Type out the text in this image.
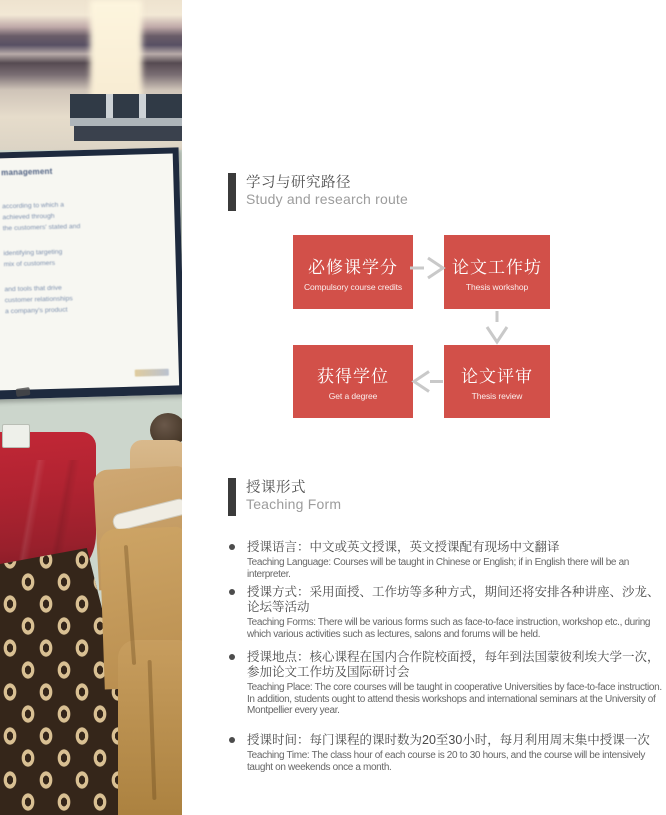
management
according to which a
achieved through
the customers' stated and
identifying targeting
mix of customers
and tools that drive
customer relationships
a company's product
学习与研究路径
Study and research route
必修课学分
Compulsory course credits
论文工作坊
Thesis workshop
获得学位
Get a degree
论文评审
Thesis review
授课形式
Teaching Form

授课语言：中文或英文授课，英文授课配有现场中文翻译

Teaching Language: Courses will be taught in Chinese or English; if in English there will be an interpreter.

授课方式：采用面授、工作坊等多种方式，期间还将安排各种讲座、沙龙、论坛等活动

Teaching Forms: There will be various forms such as face-to-face instruction, workshop etc., during which various activities such as lectures, salons and forums will be held.

授课地点：核心课程在国内合作院校面授，每年到法国蒙彼利埃大学一次，参加论文工作坊及国际研讨会

Teaching Place: The core courses will be taught in cooperative Universities by face-to-face instruction. In addition, students ought to attend thesis workshops and international seminars at the University of Montpellier every year.

授课时间：每门课程的课时数为20至30小时，每月利用周末集中授课一次

Teaching Time: The class hour of each course is 20 to 30 hours, and the course will be intensively taught on weekends once a month.
